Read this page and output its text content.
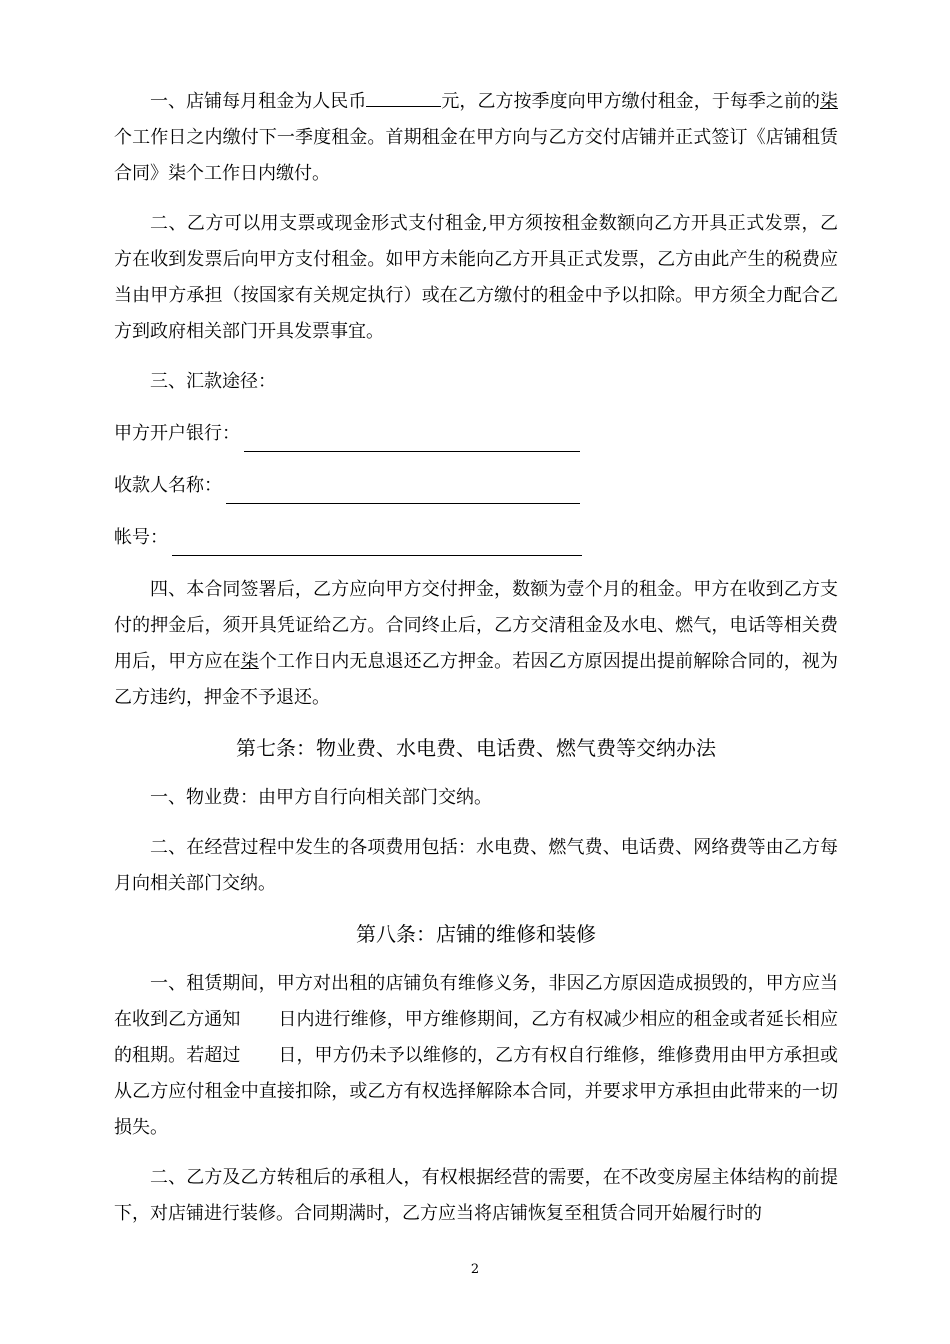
一、店铺每月租金为人民币	元，乙方按季度向甲方缴付租金，于每季之前的柒个工作日之内缴付下一季度租金。首期租金在甲方向与乙方交付店铺并正式签订《店铺租赁合同》柒个工作日内缴付。

二、乙方可以用支票或现金形式支付租金,甲方须按租金数额向乙方开具正式发票，乙方在收到发票后向甲方支付租金。如甲方未能向乙方开具正式发票，乙方由此产生的税费应当由甲方承担（按国家有关规定执行）或在乙方缴付的租金中予以扣除。甲方须全力配合乙方到政府相关部门开具发票事宜。

三、汇款途径：

甲方开户银行：
收款人名称：
帐号：

四、本合同签署后，乙方应向甲方交付押金，数额为壹个月的租金。甲方在收到乙方支付的押金后，须开具凭证给乙方。合同终止后，乙方交清租金及水电、燃气，电话等相关费用后，甲方应在柒个工作日内无息退还乙方押金。若因乙方原因提出提前解除合同的，视为乙方违约，押金不予退还。

第七条：物业费、水电费、电话费、燃气费等交纳办法

一、物业费：由甲方自行向相关部门交纳。

二、在经营过程中发生的各项费用包括：水电费、燃气费、电话费、网络费等由乙方每月向相关部门交纳。

第八条：店铺的维修和装修

一、租赁期间，甲方对出租的店铺负有维修义务，非因乙方原因造成损毁的，甲方应当在收到乙方通知 日内进行维修，甲方维修期间，乙方有权减少相应的租金或者延长相应的租期。若超过 日，甲方仍未予以维修的，乙方有权自行维修，维修费用由甲方承担或从乙方应付租金中直接扣除，或乙方有权选择解除本合同，并要求甲方承担由此带来的一切损失。

二、乙方及乙方转租后的承租人，有权根据经营的需要，在不改变房屋主体结构的前提下，对店铺进行装修。合同期满时，乙方应当将店铺恢复至租赁合同开始履行时的

2
